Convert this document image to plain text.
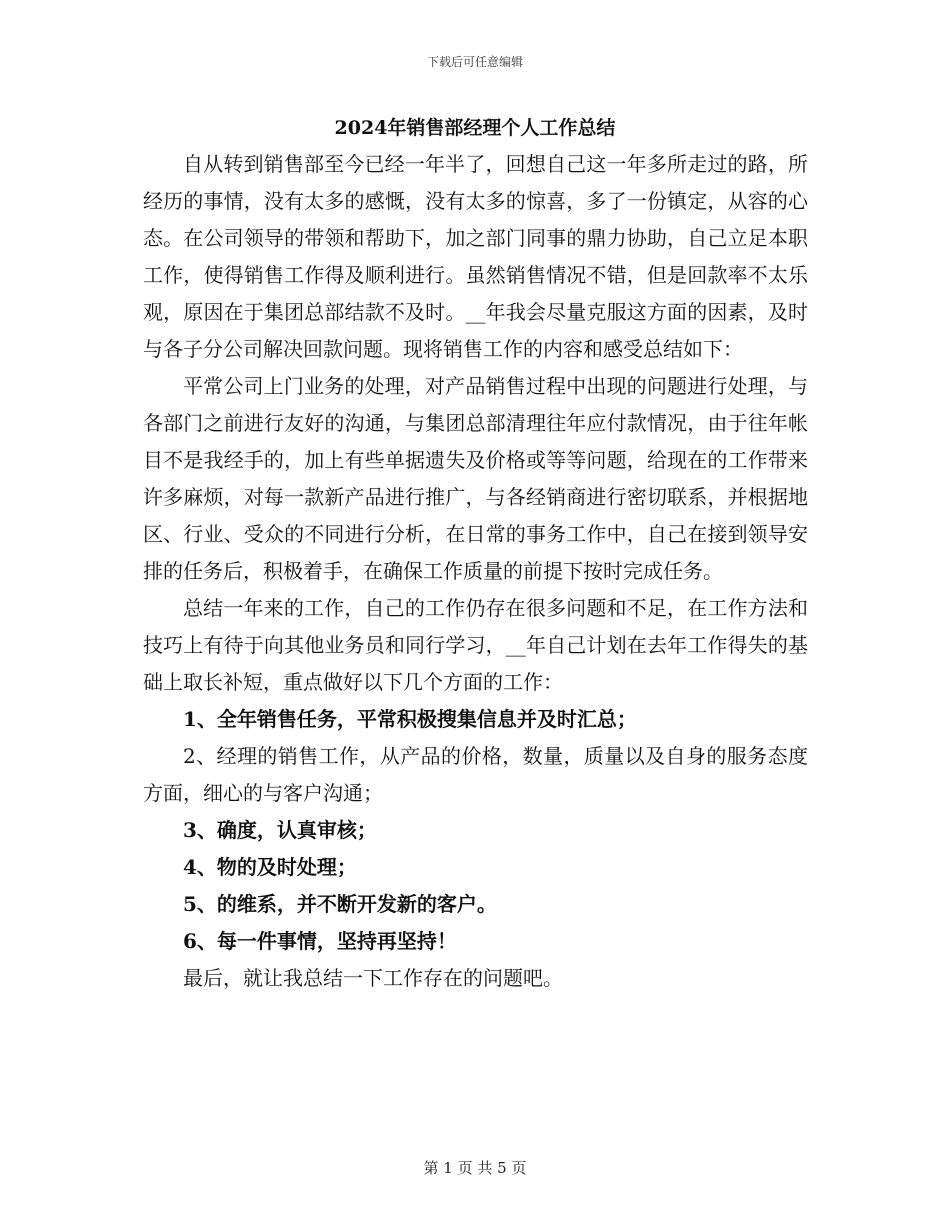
下载后可任意编辑
2024年销售部经理个人工作总结

自从转到销售部至今已经一年半了，回想自己这一年多所走过的路，所经历的事情，没有太多的感慨，没有太多的惊喜，多了一份镇定，从容的心态。在公司领导的带领和帮助下，加之部门同事的鼎力协助，自己立足本职工作，使得销售工作得及顺利进行。虽然销售情况不错，但是回款率不太乐观，原因在于集团总部结款不及时。__年我会尽量克服这方面的因素，及时与各子分公司解决回款问题。现将销售工作的内容和感受总结如下：

平常公司上门业务的处理，对产品销售过程中出现的问题进行处理，与各部门之前进行友好的沟通，与集团总部清理往年应付款情况，由于往年帐目不是我经手的，加上有些单据遗失及价格或等等问题，给现在的工作带来许多麻烦，对每一款新产品进行推广，与各经销商进行密切联系，并根据地区、行业、受众的不同进行分析，在日常的事务工作中，自己在接到领导安排的任务后，积极着手，在确保工作质量的前提下按时完成任务。

总结一年来的工作，自己的工作仍存在很多问题和不足，在工作方法和技巧上有待于向其他业务员和同行学习，__年自己计划在去年工作得失的基础上取长补短，重点做好以下几个方面的工作：

1、全年销售任务，平常积极搜集信息并及时汇总；

2、经理的销售工作，从产品的价格，数量，质量以及自身的服务态度方面，细心的与客户沟通；

3、确度，认真审核；

4、物的及时处理；

5、的维系，并不断开发新的客户。

6、每一件事情，坚持再坚持！

最后，就让我总结一下工作存在的问题吧。

第 1 页 共 5 页
